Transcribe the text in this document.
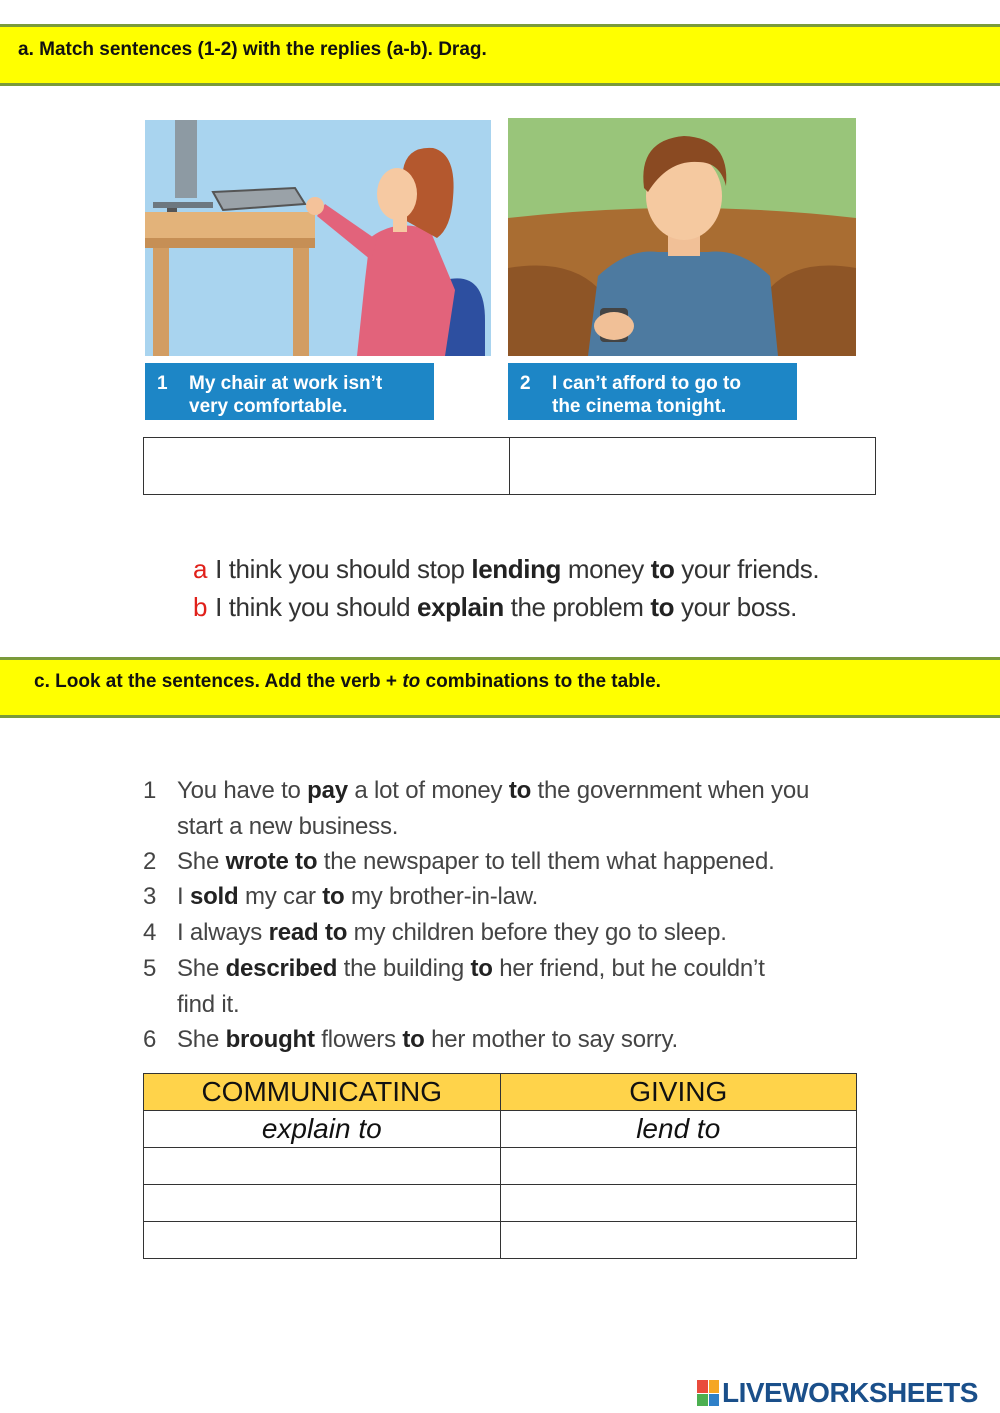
a. Match sentences (1-2) with the replies (a-b). Drag.
1 My chair at work isn’t
very comfortable.
2 I can’t afford to go to
the cinema tonight.
a I think you should stop lending money to your friends.
b I think you should explain the problem to your boss.
c. Look at the sentences. Add the verb + to combinations to the table.
1 You have to pay a lot of money to the government when you
start a new business.
2 She wrote to the newspaper to tell them what happened.
3 I sold my car to my brother-in-law.
4 I always read to my children before they go to sleep.
5 She described the building to her friend, but he couldn’t
find it.
6 She brought flowers to her mother to say sorry.
COMMUNICATING	GIVING
explain to	lend to

LIVEWORKSHEETS
